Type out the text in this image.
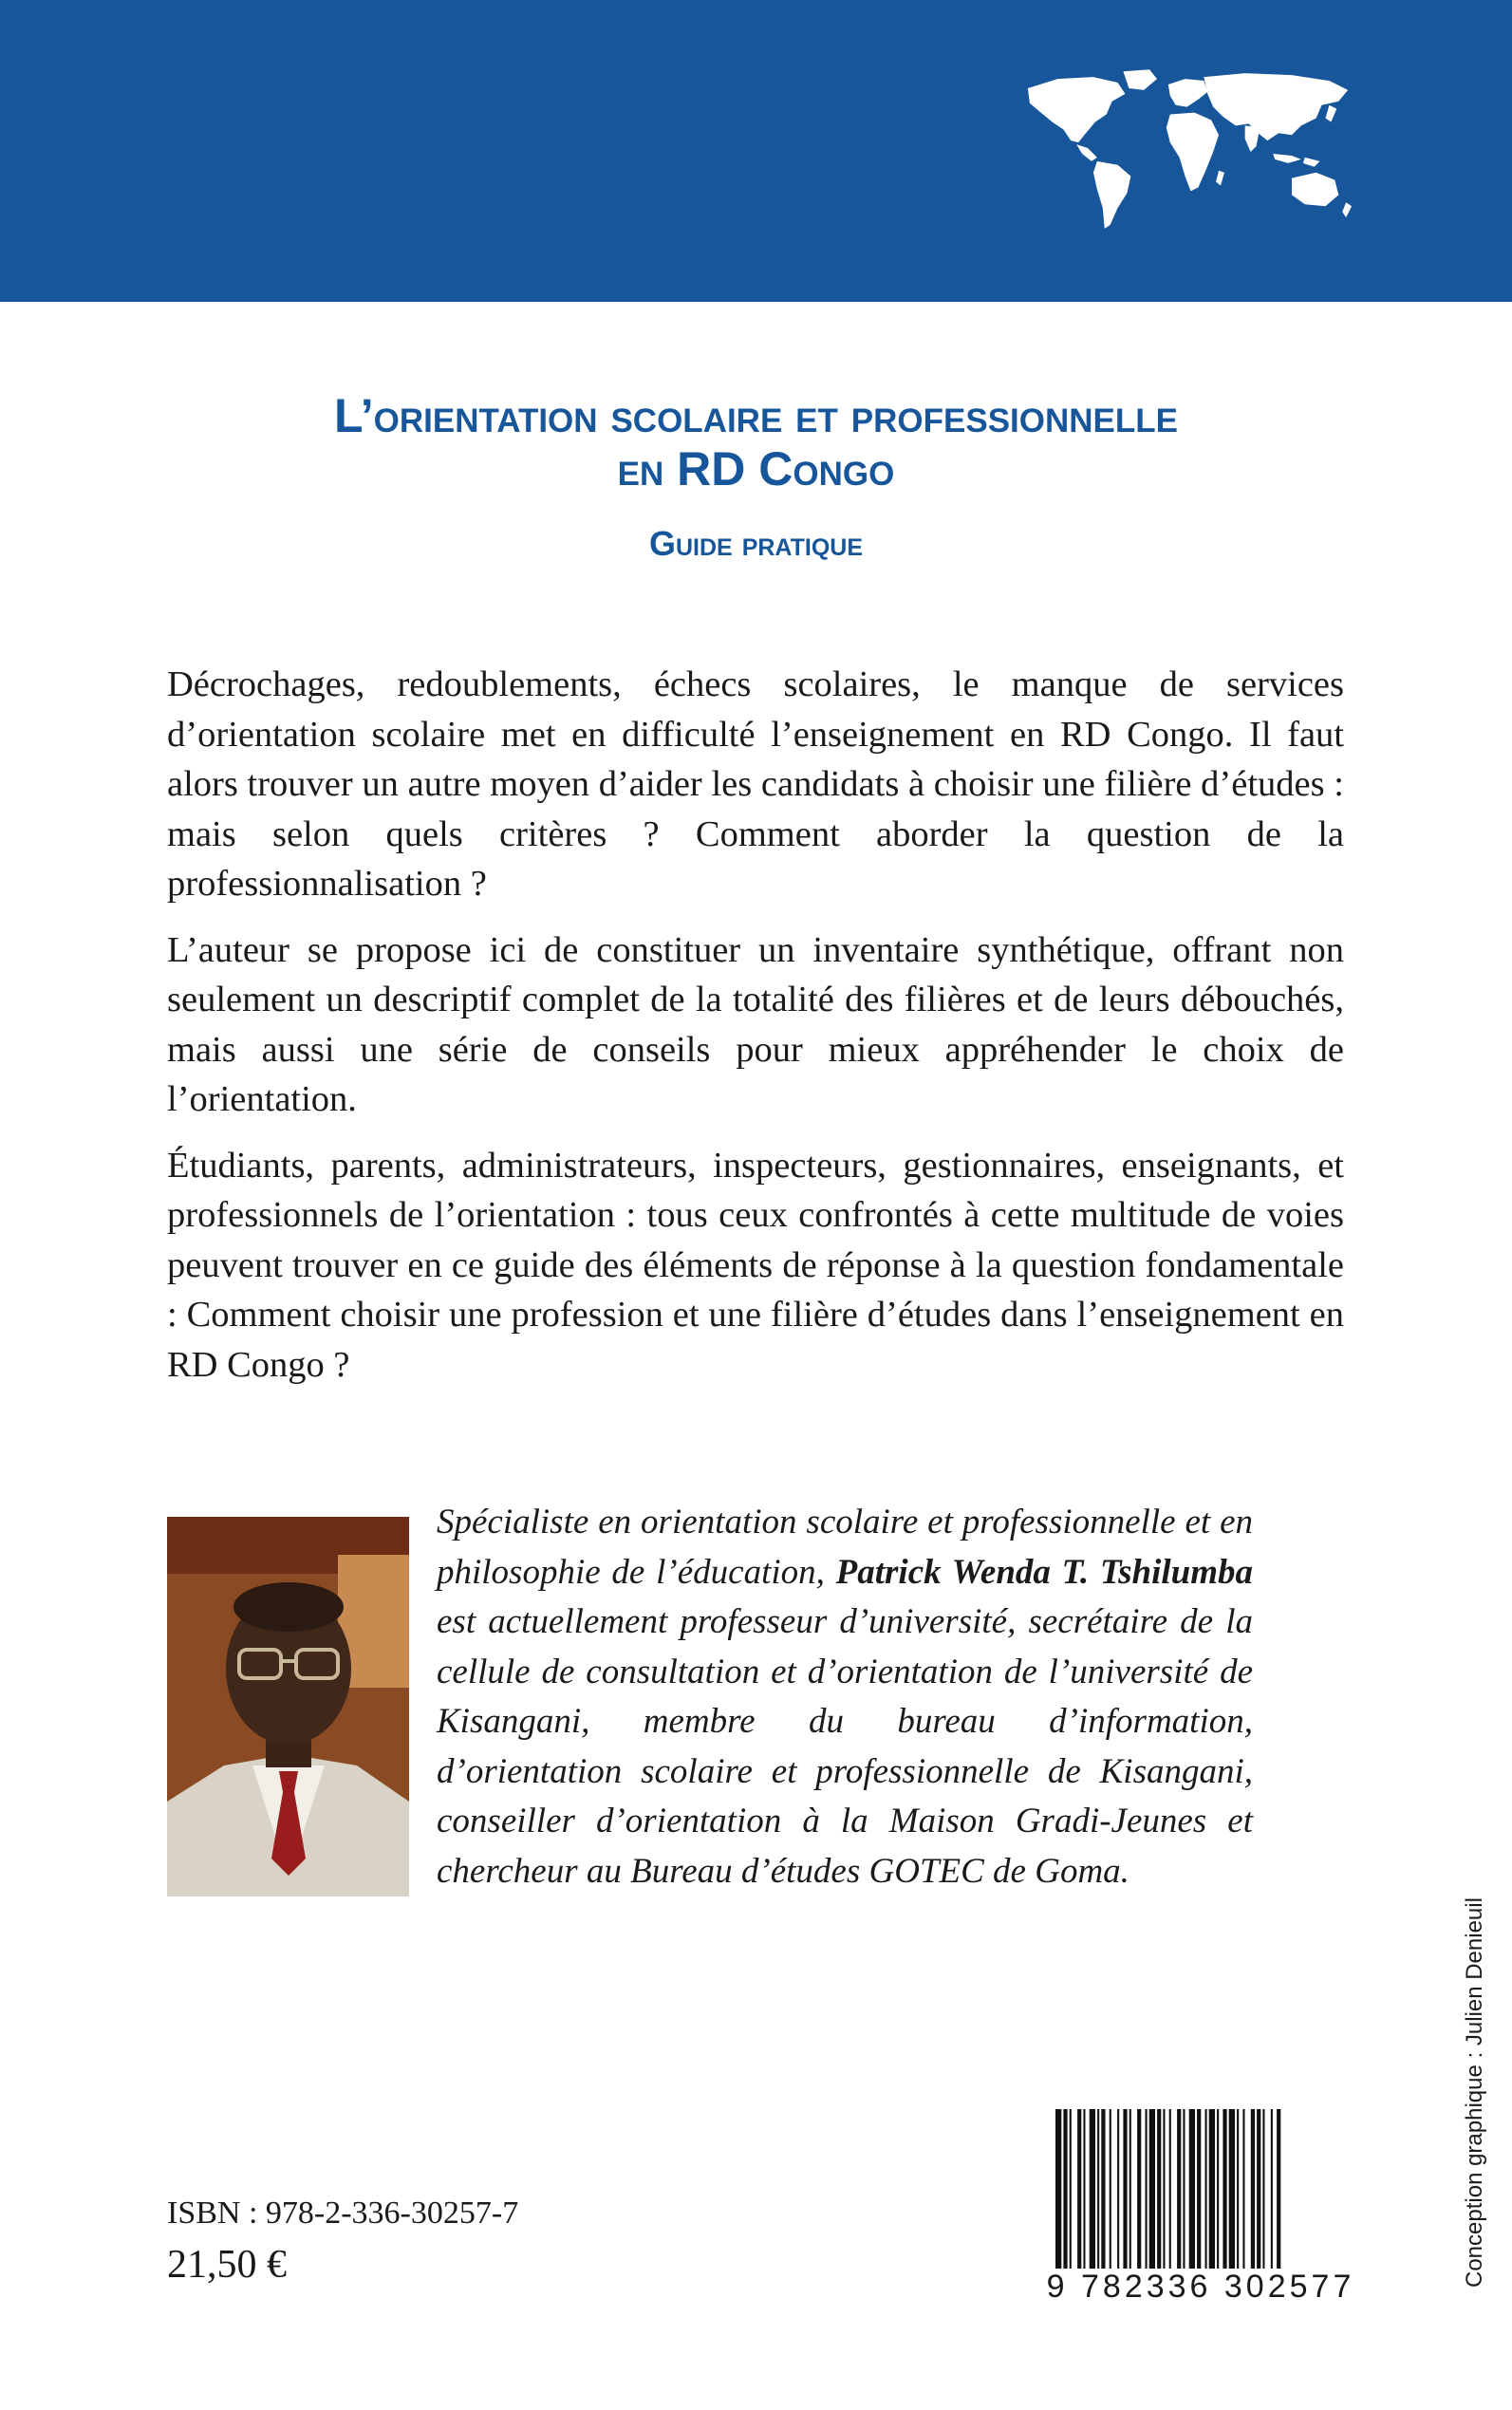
L’orientation scolaire et professionnelle
en RD Congo
Guide pratique

Décrochages, redoublements, échecs scolaires, le manque de services d’orientation scolaire met en difficulté l’enseignement en RD Congo. Il faut alors trouver un autre moyen d’aider les candidats à choisir une filière d’études : mais selon quels critères ? Comment aborder la question de la professionnalisation ?

L’auteur se propose ici de constituer un inventaire synthétique, offrant non seulement un descriptif complet de la totalité des filières et de leurs débouchés, mais aussi une série de conseils pour mieux appréhender le choix de l’orientation.

Étudiants, parents, administrateurs, inspecteurs, gestionnaires, enseignants, et professionnels de l’orientation : tous ceux confrontés à cette multitude de voies peuvent trouver en ce guide des éléments de réponse à la question fondamentale : Comment choisir une profession et une filière d’études dans l’enseignement en RD Congo ?

Spécialiste en orientation scolaire et professionnelle et en philosophie de l’éducation, Patrick Wenda T. Tshilumba est actuellement professeur d’université, secrétaire de la cellule de consultation et d’orientation de l’université de Kisangani, membre du bureau d’information, d’orientation scolaire et professionnelle de Kisangani, conseiller d’orientation à la Maison Gradi-Jeunes et chercheur au Bureau d’études GOTEC de Goma.
Conception graphique : Julien Denieuil
ISBN : 978-2-336-30257-7
21,50 €	9 782336 302577
